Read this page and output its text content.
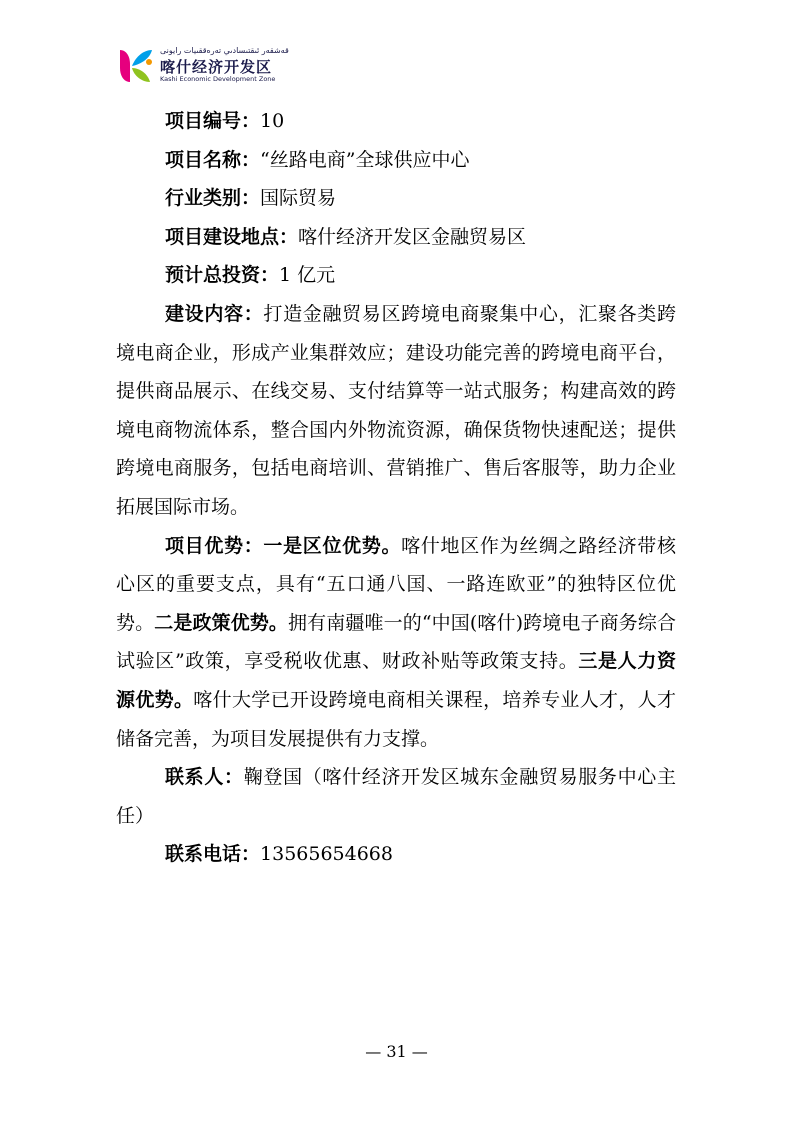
قەشقەر ئىقتىسادىي تەرەققىيات رايونى
喀什经济开发区
Kashi Economic Development Zone

项目编号：10

项目名称：“丝路电商”全球供应中心

行业类别：国际贸易

项目建设地点：喀什经济开发区金融贸易区

预计总投资：1 亿元

建设内容：打造金融贸易区跨境电商聚集中心，汇聚各类跨境电商企业，形成产业集群效应；建设功能完善的跨境电商平台，提供商品展示、在线交易、支付结算等一站式服务；构建高效的跨境电商物流体系，整合国内外物流资源，确保货物快速配送；提供跨境电商服务，包括电商培训、营销推广、售后客服等，助力企业拓展国际市场。

项目优势：一是区位优势。喀什地区作为丝绸之路经济带核心区的重要支点，具有“五口通八国、一路连欧亚”的独特区位优势。二是政策优势。拥有南疆唯一的“中国(喀什)跨境电子商务综合试验区”政策，享受税收优惠、财政补贴等政策支持。三是人力资源优势。喀什大学已开设跨境电商相关课程，培养专业人才，人才储备完善，为项目发展提供有力支撑。

联系人：鞠登国（喀什经济开发区城东金融贸易服务中心主任）

联系电话：13565654668

— 31 —
